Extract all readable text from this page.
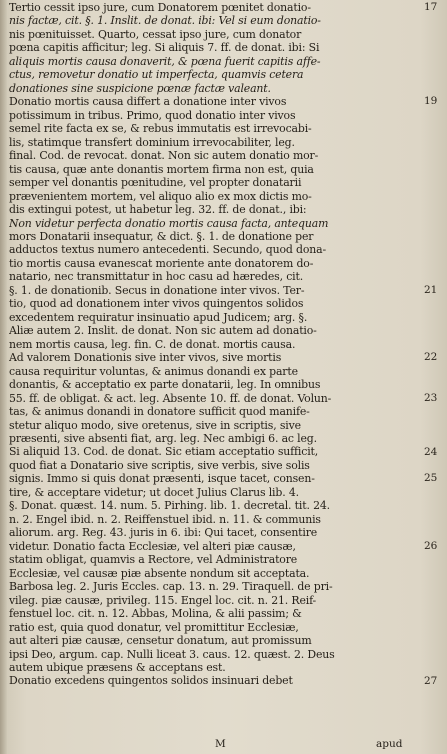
Tertio cessit ipso jure, cum Donatorem pœnitet donatio-
nis factæ, cit. §. 1. Inslit. de donat. ibi: Vel si eum donatio-
nis pœnituisset. Quarto, cessat ipso jure, cum donator
pœna capitis afficitur; leg. Si aliquis 7. ff. de donat. ibi: Si
aliquis mortis causa donaverit, & pœna fuerit capitis affe-
ctus, removetur donatio ut imperfecta, quamvis cetera
donationes sine suspicione pœnæ factæ valeant.
Donatio mortis causa differt a donatione inter vivos
potissimum in tribus. Primo, quod donatio inter vivos
semel rite facta ex se, & rebus immutatis est irrevocabi-
lis, statimque transfert dominium irrevocabiliter, leg.
final. Cod. de revocat. donat. Non sic autem donatio mor-
tis causa, quæ ante donantis mortem firma non est, quia
semper vel donantis pœnitudine, vel propter donatarii
prævenientem mortem, vel aliquo alio ex mox dictis mo-
dis extingui potest, ut habetur leg. 32. ff. de donat., ibi:
Non videtur perfecta donatio mortis causa facta, antequam
mors Donatarii insequatur, & dict. §. 1. de donatione per
adductos textus numero antecedenti. Secundo, quod dona-
tio mortis causa evanescat moriente ante donatorem do-
natario, nec transmittatur in hoc casu ad hæredes, cit.
§. 1. de donationib. Secus in donatione inter vivos. Ter-
tio, quod ad donationem inter vivos quingentos solidos
excedentem requiratur insinuatio apud Judicem; arg. §.
Aliæ autem 2. Inslit. de donat. Non sic autem ad donatio-
nem mortis causa, leg. fin. C. de donat. mortis causa.
Ad valorem Donationis sive inter vivos, sive mortis
causa requiritur voluntas, & animus donandi ex parte
donantis, & acceptatio ex parte donatarii, leg. In omnibus
55. ff. de obligat. & act. leg. Absente 10. ff. de donat. Volun-
tas, & animus donandi in donatore sufficit quod manife-
stetur aliquo modo, sive oretenus, sive in scriptis, sive
præsenti, sive absenti fiat, arg. leg. Nec ambigi 6. ac leg.
Si aliquid 13. Cod. de donat. Sic etiam acceptatio sufficit,
quod fiat a Donatario sive scriptis, sive verbis, sive solis
signis. Immo si quis donat præsenti, isque tacet, consen-
tire, & acceptare videtur; ut docet Julius Clarus lib. 4.
§. Donat. quæst. 14. num. 5. Pirhing. lib. 1. decretal. tit. 24.
n. 2. Engel ibid. n. 2. Reiffenstuel ibid. n. 11. & communis
aliorum. arg. Reg. 43. juris in 6. ibi: Qui tacet, consentire
videtur. Donatio facta Ecclesiæ, vel alteri piæ causæ,
statim obligat, quamvis a Rectore, vel Administratore
Ecclesiæ, vel causæ piæ absente nondum sit acceptata.
Barbosa leg. 2. Juris Eccles. cap. 13. n. 29. Tiraquell. de pri-
vileg. piæ causæ, privileg. 115. Engel loc. cit. n. 21. Reif-
fenstuel loc. cit. n. 12. Abbas, Molina, & alii passim; &
ratio est, quia quod donatur, vel promittitur Ecclesiæ,
aut alteri piæ causæ, censetur donatum, aut promissum
ipsi Deo, argum. cap. Nulli liceat 3. caus. 12. quæst. 2. Deus
autem ubique præsens & acceptans est.
Donatio excedens quingentos solidos insinuari debet
17
19
21
22
23
24
25
26
27
M	apud
